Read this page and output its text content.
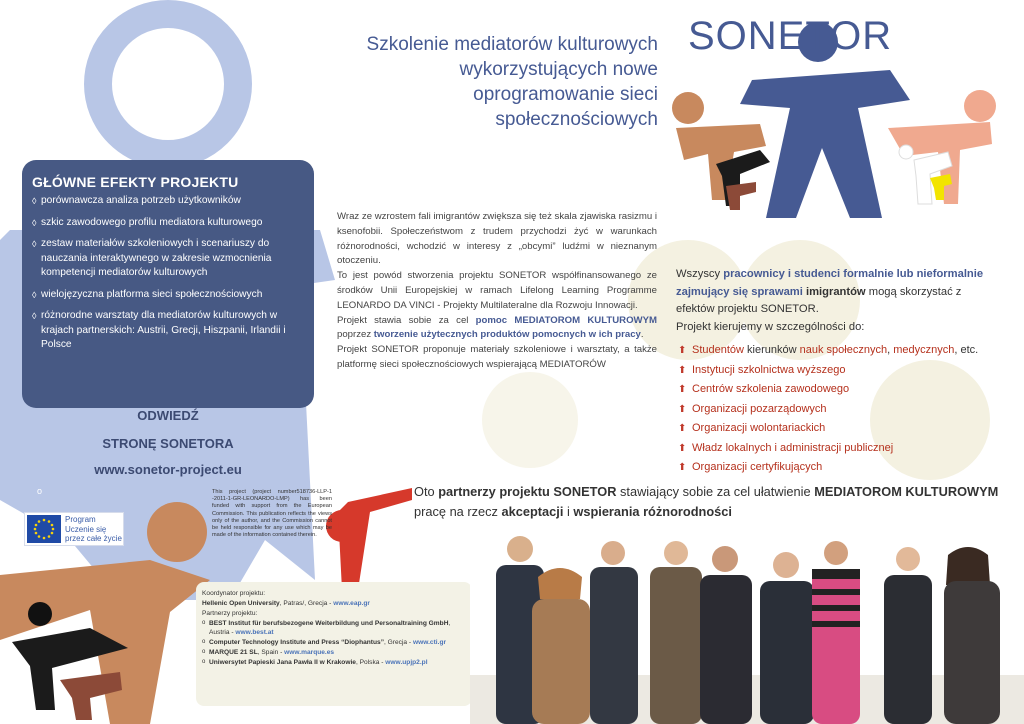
o
Szkolenie mediatorów kulturowych
wykorzystujących nowe
oprogramowanie sieci
społecznościowych
SONETOR
GŁÓWNE EFEKTY PROJEKTU
◊ porównawcza analiza potrzeb użytkowników
◊ szkic zawodowego profilu mediatora kulturowego
◊ zestaw materiałów szkoleniowych i scenariuszy do nauczania interaktywnego w zakresie wzmocnienia kompetencji mediatorów kulturowych
◊ wielojęzyczna platforma sieci społecznościowych
◊ różnorodne warsztaty dla mediatorów kulturowych w krajach partnerskich: Austrii, Grecji, Hiszpanii, Irlandii i Polsce
ODWIEDŹ
STRONĘ SONETORA
www.sonetor-project.eu

Wraz ze wzrostem fali imigrantów zwiększa się też skala zjawiska rasizmu i ksenofobii. Społeczeństwom z trudem przychodzi żyć w warunkach różnorodności, wchodzić w interesy z „obcymi” ludźmi w nieznanym otoczeniu.

To jest powód stworzenia projektu SONETOR współfinansowanego ze środków Unii Europejskiej w ramach Lifelong Learning Programme LEONARDO DA VINCI - Projekty Multilateralne dla Rozwoju Innowacji.

Projekt stawia sobie za cel pomoc MEDIATOROM KULTUROWYM poprzez tworzenie użytecznych produktów pomocnych w ich pracy.

Projekt SONETOR proponuje materiały szkoleniowe i warsztaty, a także platformę sieci społecznościowych wspierającą MEDIATORÓW

Wszyscy pracownicy i studenci formalnie lub nieformalnie zajmujący się sprawami imigrantów mogą skorzystać z efektów projektu SONETOR.
Projekt kierujemy w szczególności do:
⬆ Studentów kierunków nauk społecznych, medycznych, etc.
⬆ Instytucji szkolnictwa wyższego
⬆ Centrów szkolenia zawodowego
⬆ Organizacji pozarządowych
⬆ Organizacji wolontariackich
⬆ Władz lokalnych i administracji publicznej
⬆ Organizacji certyfikujących
Oto partnerzy projektu SONETOR stawiający sobie za cel ułatwienie MEDIATOROM KULTUROWYM pracę na rzecz akceptacji i wspierania różnorodności
This project (project number518736-LLP-1 -2011-1-GR-LEONARDO-LMP) has been funded with support from the European Commission. This publication reflects the views only of the author, and the Commission cannot be held responsible for any use which may be made of the information contained therein.
Program
Uczenie się
przez całe życie

Koordynator projektu:

Hellenic Open University, Patras/, Grecja - www.eap.gr

Partnerzy projektu:

o BEST Institut für berufsbezogene Weiterbildung und Personaltraining GmbH, Austria - www.best.at

o Computer Technology Institute and Press “Diophantus”, Grecja - www.cti.gr

o MARQUE 21 SL, Spain - www.marque.es

o Uniwersytet Papieski Jana Pawła II w Krakowie, Polska - www.upjp2.pl
